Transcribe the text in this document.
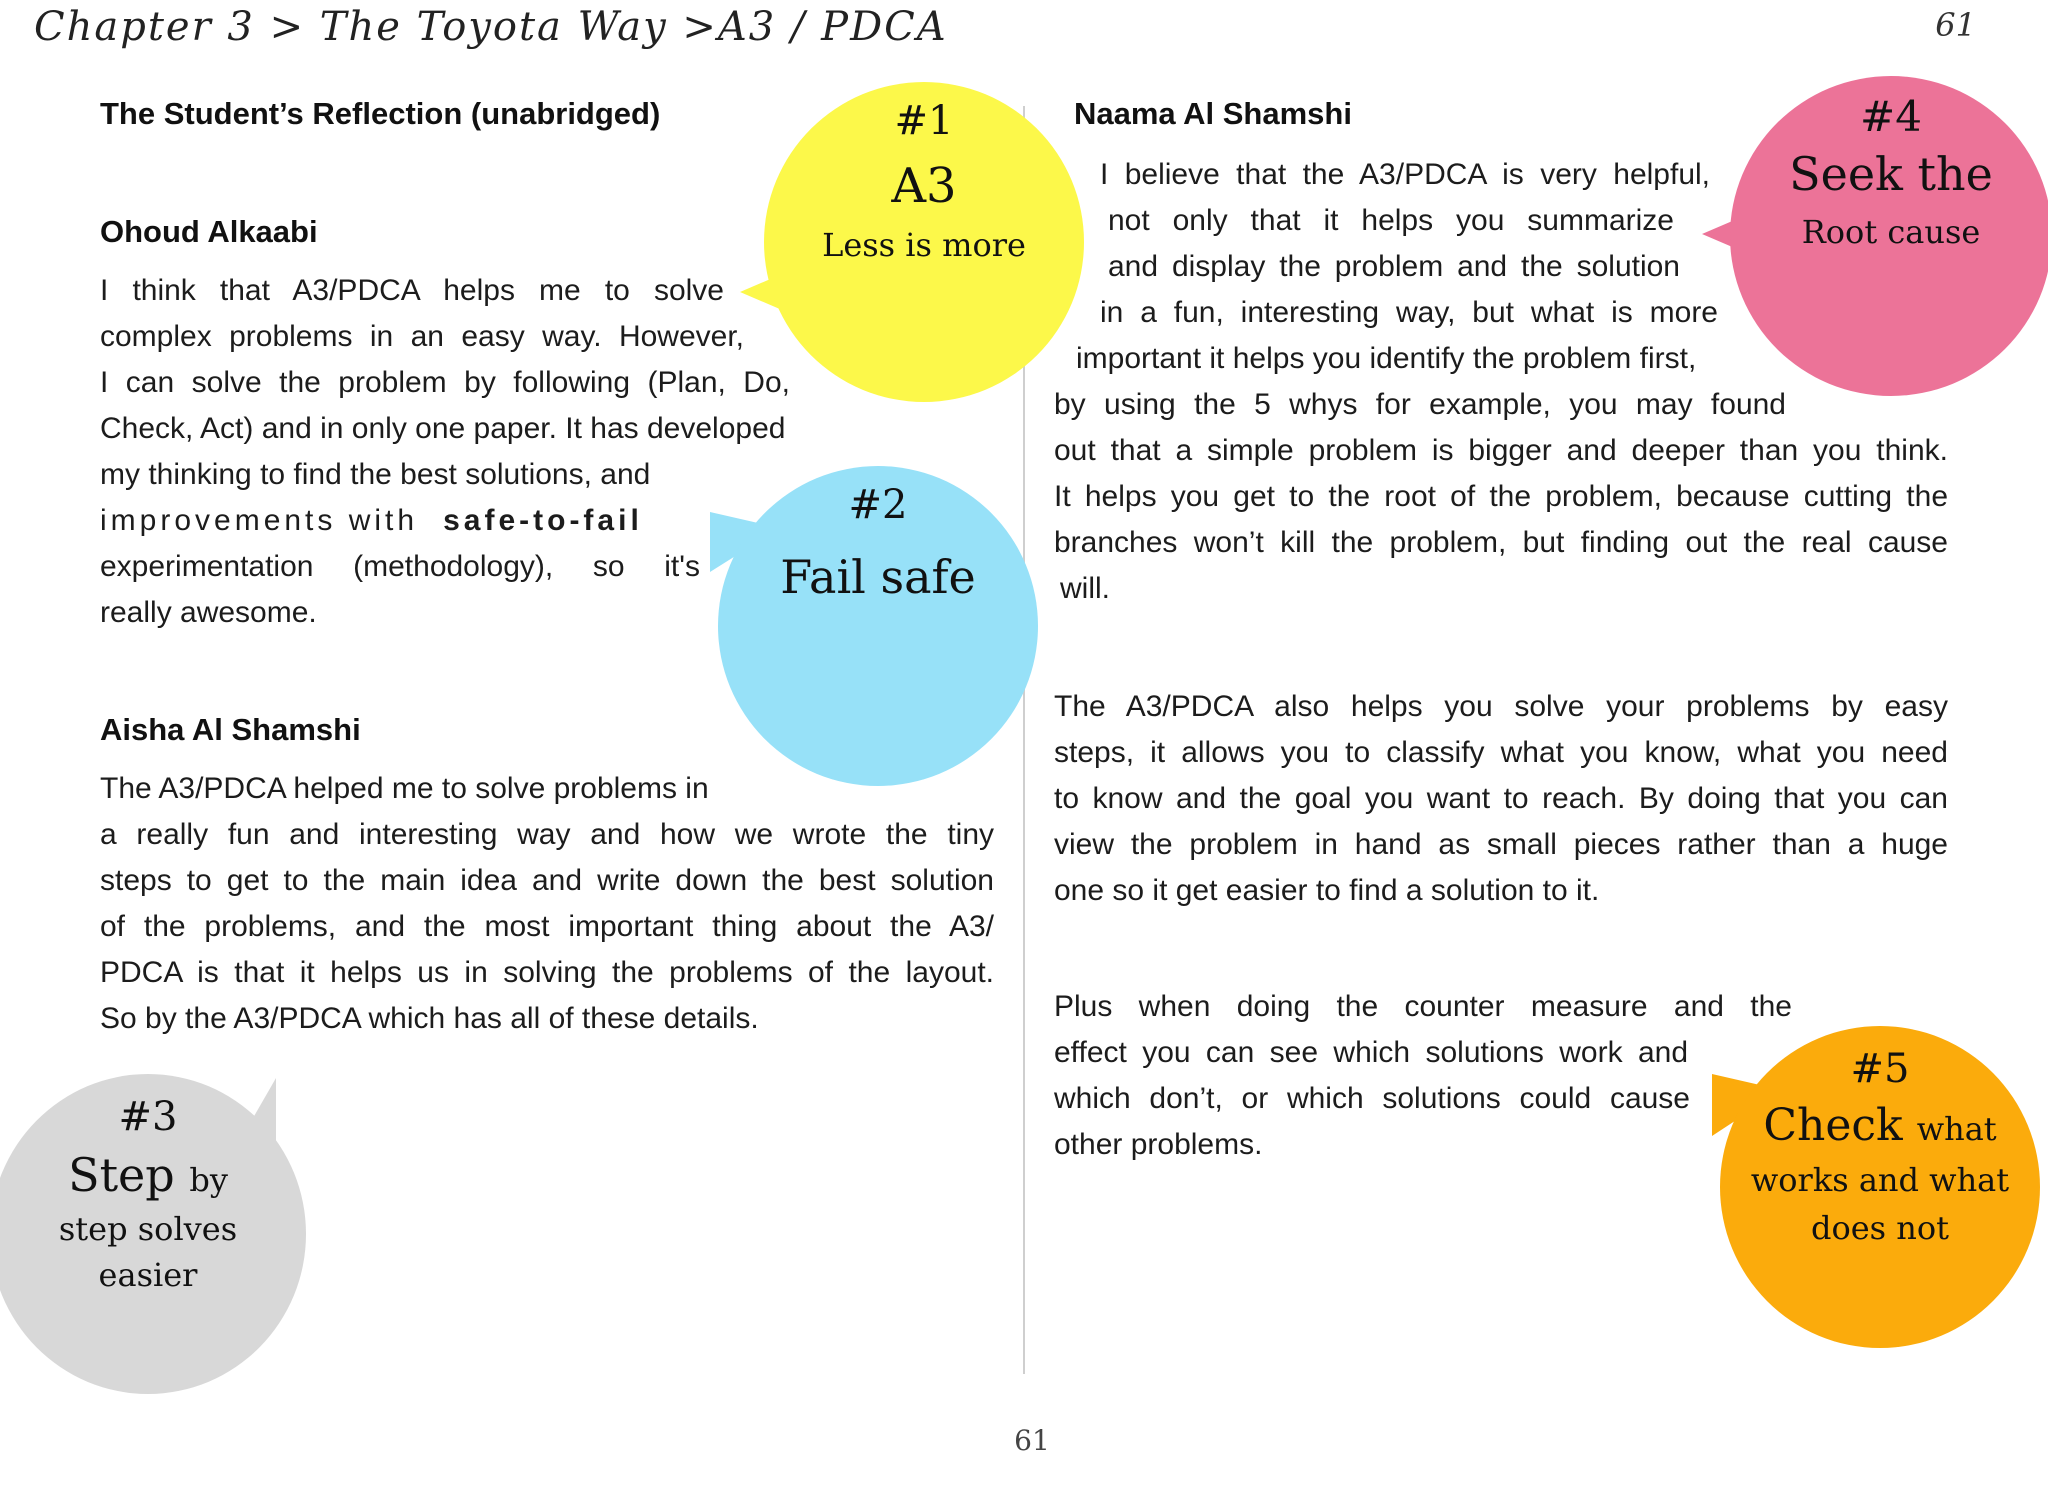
Chapter 3 > The Toyota Way >A3 / PDCA	61
The Student’s Reflection (unabridged)
Ohoud Alkaabi
I think that A3/PDCA helps me to solve
complex problems in an easy way. However,
I can solve the problem by following (Plan, Do,
Check, Act) and in only one paper. It has developed
my thinking to find the best solutions, and
improvements with safe-to-fail
experimentation (methodology), so it's
really awesome.
Aisha Al Shamshi
The A3/PDCA helped me to solve problems in
a really fun and interesting way and how we wrote the tiny
steps to get to the main idea and write down the best solution
of the problems, and the most important thing about the A3/
PDCA is that it helps us in solving the problems of the layout.
So by the A3/PDCA which has all of these details.
Naama Al Shamshi
I believe that the A3/PDCA is very helpful,
not only that it helps you summarize
and display the problem and the solution
in a fun, interesting way, but what is more
important it helps you identify the problem first,
by using the 5 whys for example, you may found
out that a simple problem is bigger and deeper than you think.
It helps you get to the root of the problem, because cutting the
branches won’t kill the problem, but finding out the real cause
will.
The A3/PDCA also helps you solve your problems by easy
steps, it allows you to classify what you know, what you need
to know and the goal you want to reach. By doing that you can
view the problem in hand as small pieces rather than a huge
one so it get easier to find a solution to it.
Plus when doing the counter measure and the
effect you can see which solutions work and
which don’t, or which solutions could cause
other problems.
#1
A3
Less is more
#2
Fail safe
#3
Step by
step solves
easier
#4
Seek the
Root cause
#5
Check what
works and what
does not
61
